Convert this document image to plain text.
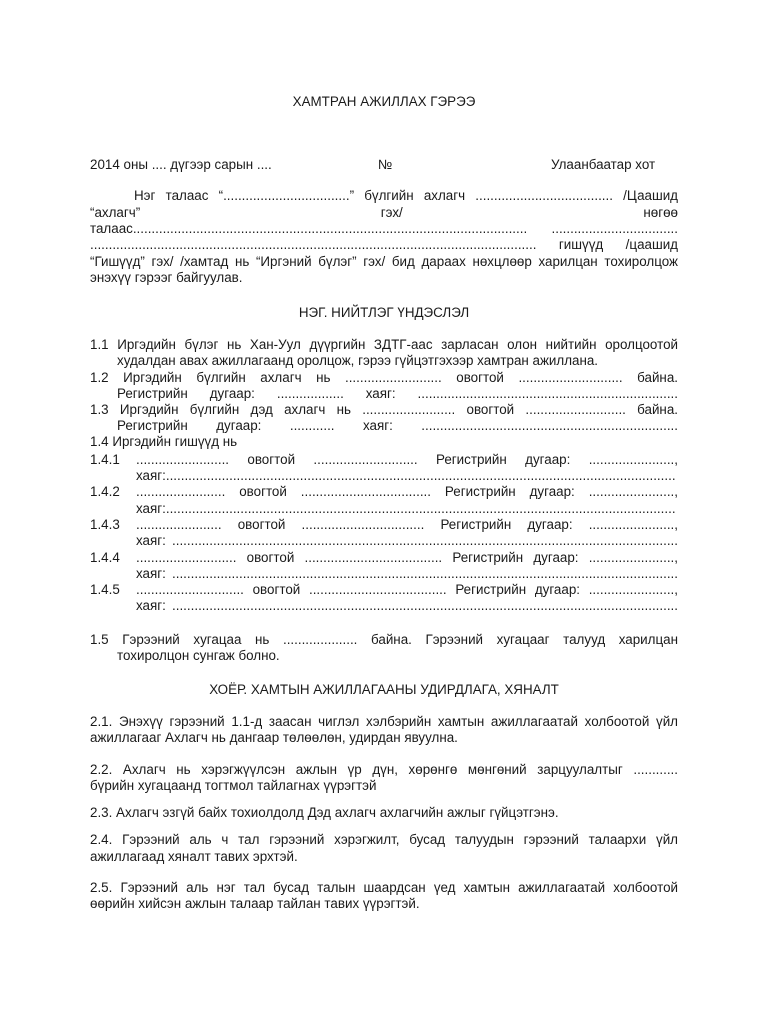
ХАМТРАН АЖИЛЛАХ ГЭРЭЭ
2014 оны .... дүгээр сарын ....	№	Улаанбаатар хот
Нэг талаас “..................................” бүлгийн ахлагч ..................................... /Цаашид
“ахлагч” гэх/ нөгөө
талаас.......................................................................................................... ..................................
........................................................................................................................ гишүүд /цаашид
“Гишүүд” гэх/ /хамтад нь “Иргэний бүлэг” гэх/ бид дараах нөхцлөөр харилцан тохиролцож
энэхүү гэрээг байгуулав.
НЭГ. НИЙТЛЭГ ҮНДЭСЛЭЛ
1.1 Иргэдийн бүлэг нь Хан-Уул дүүргийн ЗДТГ-аас зарласан олон нийтийн оролцоотой
худалдан авах ажиллагаанд оролцож, гэрээ гүйцэтгэхээр хамтран ажиллана.
1.2 Иргэдийн бүлгийн ахлагч нь .......................... овогтой ............................ байна.
Регистрийн дугаар: .................. хаяг: ......................................................................
1.3 Иргэдийн бүлгийн дэд ахлагч нь ......................... овогтой ........................... байна.
Регистрийн дугаар: ............ хаяг: .....................................................................
1.4 Иргэдийн гишүүд нь
1.4.1 ......................... овогтой ............................ Регистрийн дугаар: .......................,
хаяг:.........................................................................................................................................
1.4.2 ........................ овогтой ................................... Регистрийн дугаар: .......................,
хаяг:.........................................................................................................................................
1.4.3 ....................... овогтой ................................. Регистрийн дугаар: .......................,
хаяг: ........................................................................................................................................
1.4.4 ........................... овогтой ..................................... Регистрийн дугаар: .......................,
хаяг: ........................................................................................................................................
1.4.5 ............................. овогтой ..................................... Регистрийн дугаар: .......................,
хаяг: ........................................................................................................................................
1.5 Гэрээний хугацаа нь .................... байна. Гэрээний хугацааг талууд харилцан
тохиролцон сунгаж болно.
ХОЁР. ХАМТЫН АЖИЛЛАГААНЫ УДИРДЛАГА, ХЯНАЛТ
2.1. Энэхүү гэрээний 1.1-д заасан чиглэл хэлбэрийн хамтын ажиллагаатай холбоотой үйл
ажиллагааг Ахлагч нь дангаар төлөөлөн, удирдан явуулна.
2.2. Ахлагч нь хэрэгжүүлсэн ажлын үр дүн, хөрөнгө мөнгөний зарцуулалтыг ............
бүрийн хугацаанд тогтмол тайлагнах үүрэгтэй
2.3. Ахлагч эзгүй байх тохиолдолд Дэд ахлагч ахлагчийн ажлыг гүйцэтгэнэ.
2.4. Гэрээний аль ч тал гэрээний хэрэгжилт, бусад талуудын гэрээний талаархи үйл
ажиллагаад хяналт тавих эрхтэй.
2.5. Гэрээний аль нэг тал бусад талын шаардсан үед хамтын ажиллагаатай холбоотой
өөрийн хийсэн ажлын талаар тайлан тавих үүрэгтэй.
